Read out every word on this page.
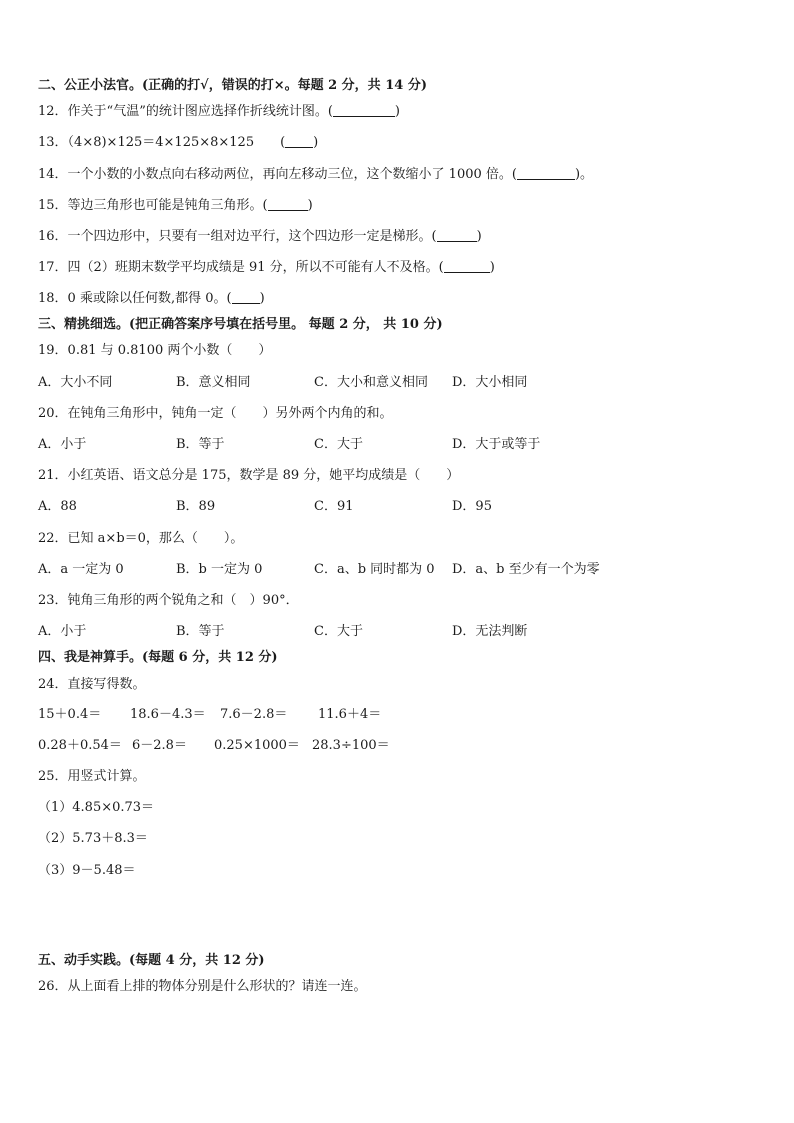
二、公正小法官。(正确的打√，错误的打×。每题 2 分，共 14 分)
12．作关于“气温”的统计图应选择作折线统计图。(	)
13．（4×8)×125＝4×125×8×125　　( )
14．一个小数的小数点向右移动两位，再向左移动三位，这个数缩小了 1000 倍。(	)。
15．等边三角形也可能是钝角三角形。(	)
16．一个四边形中，只要有一组对边平行，这个四边形一定是梯形。(	)
17．四（2）班期末数学平均成绩是 91 分，所以不可能有人不及格。(	)
18．0 乘或除以任何数,都得 0。( )
三、精挑细选。(把正确答案序号填在括号里。 每题 2 分， 共 10 分)
19．0.81 与 0.8100 两个小数（　　）
A．大小不同	B．意义相同	C．大小和意义相同 D．大小相同
20．在钝角三角形中，钝角一定（　　）另外两个内角的和。
A．小于	B．等于	C．大于	D．大于或等于
21．小红英语、语文总分是 175，数学是 89 分，她平均成绩是（　　）
A．88	B．89	C．91	D．95
22．已知 a×b＝0，那么（　　）。
A．a 一定为 0	B．b 一定为 0	C．a、b 同时都为 0 D．a、b 至少有一个为零
23．钝角三角形的两个锐角之和（　）90°．
A．小于	B．等于	C．大于	D．无法判断
四、我是神算手。(每题 6 分，共 12 分)
24．直接写得数。
15＋0.4＝ 18.6－4.3＝ 7.6－2.8＝ 11.6＋4＝
0.28＋0.54＝ 6－2.8＝ 0.25×1000＝ 28.3÷100＝
25．用竖式计算。
（1）4.85×0.73＝
（2）5.73＋8.3＝
（3）9－5.48＝
五、动手实践。(每题 4 分，共 12 分)
26．从上面看上排的物体分别是什么形状的？请连一连。
